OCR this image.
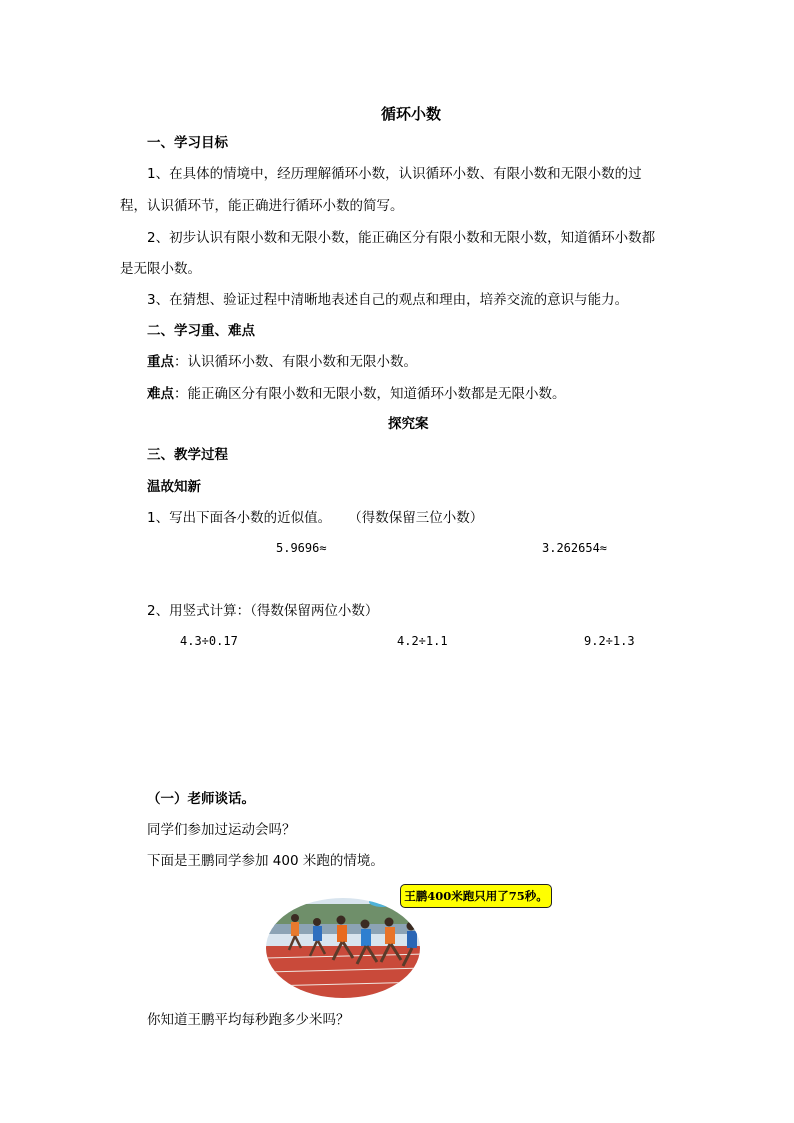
循环小数
一、学习目标
1、在具体的情境中，经历理解循环小数，认识循环小数、有限小数和无限小数的过
程，认识循环节，能正确进行循环小数的简写。
2、初步认识有限小数和无限小数，能正确区分有限小数和无限小数，知道循环小数都
是无限小数。
3、在猜想、验证过程中清晰地表述自己的观点和理由，培养交流的意识与能力。
二、学习重、难点
重点：认识循环小数、有限小数和无限小数。
难点：能正确区分有限小数和无限小数，知道循环小数都是无限小数。
探究案
三、教学过程
温故知新
1、写出下面各小数的近似值。    （得数保留三位小数）
5.9696≈	3.262654≈
2、用竖式计算：（得数保留两位小数）
4.3÷0.17	4.2÷1.1	9.2÷1.3
（一）老师谈话。
同学们参加过运动会吗？
下面是王鹏同学参加 400 米跑的情境。
王鹏400米跑只用了75秒。
你知道王鹏平均每秒跑多少米吗？
